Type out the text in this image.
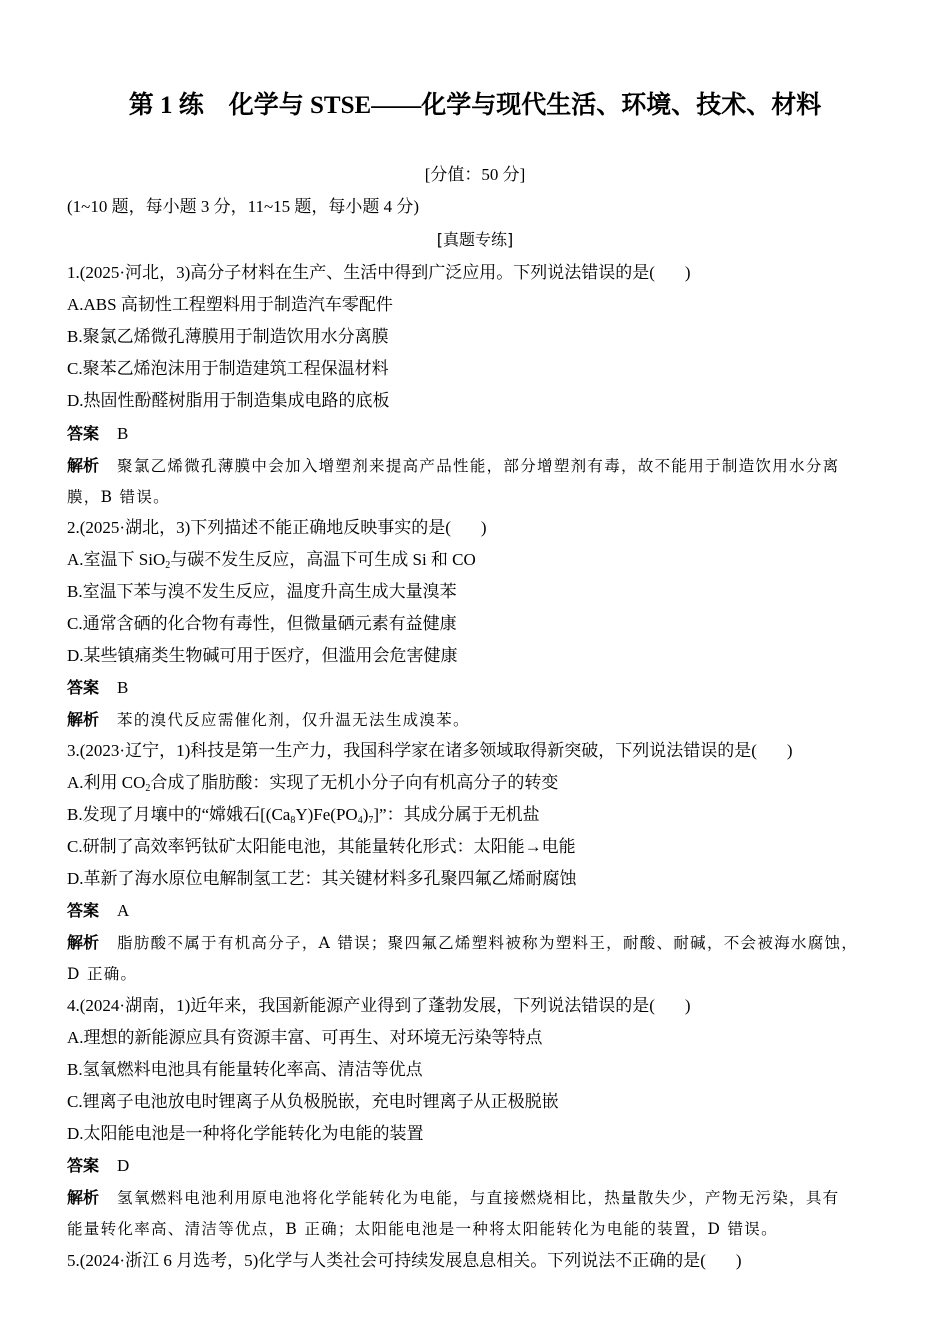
第 1 练　化学与 STSE——化学与现代生活、环境、技术、材料
[分值：50 分]
(1~10 题，每小题 3 分，11~15 题，每小题 4 分)
[真题专练]
1.(2025·河北，3)高分子材料在生产、生活中得到广泛应用。下列说法错误的是( )
A.ABS 高韧性工程塑料用于制造汽车零配件
B.聚氯乙烯微孔薄膜用于制造饮用水分离膜
C.聚苯乙烯泡沫用于制造建筑工程保温材料
D.热固性酚醛树脂用于制造集成电路的底板
答案 B
解析 聚氯乙烯微孔薄膜中会加入增塑剂来提高产品性能，部分增塑剂有毒，故不能用于制造饮用水分离
膜，B 错误。
2.(2025·湖北，3)下列描述不能正确地反映事实的是( )
A.室温下 SiO$_2$与碳不发生反应，高温下可生成 Si 和 CO
B.室温下苯与溴不发生反应，温度升高生成大量溴苯
C.通常含硒的化合物有毒性，但微量硒元素有益健康
D.某些镇痛类生物碱可用于医疗，但滥用会危害健康
答案 B
解析 苯的溴代反应需催化剂，仅升温无法生成溴苯。
3.(2023·辽宁，1)科技是第一生产力，我国科学家在诸多领域取得新突破，下列说法错误的是( )
A.利用 $CO_2$合成了脂肪酸：实现了无机小分子向有机高分子的转变
B.发现了月壤中的“嫦娥石$[(Ca_8Y)Fe(PO_4)_7]$”：其成分属于无机盐
C.研制了高效率钙钛矿太阳能电池，其能量转化形式：太阳能→电能
D.革新了海水原位电解制氢工艺：其关键材料多孔聚四氟乙烯耐腐蚀
答案 A
解析 脂肪酸不属于有机高分子，A 错误；聚四氟乙烯塑料被称为塑料王，耐酸、耐碱，不会被海水腐蚀，
D 正确。
4.(2024·湖南，1)近年来，我国新能源产业得到了蓬勃发展，下列说法错误的是( )
A.理想的新能源应具有资源丰富、可再生、对环境无污染等特点
B.氢氧燃料电池具有能量转化率高、清洁等优点
C.锂离子电池放电时锂离子从负极脱嵌，充电时锂离子从正极脱嵌
D.太阳能电池是一种将化学能转化为电能的装置
答案 D
解析 氢氧燃料电池利用原电池将化学能转化为电能，与直接燃烧相比，热量散失少，产物无污染，具有
能量转化率高、清洁等优点，B 正确；太阳能电池是一种将太阳能转化为电能的装置，D 错误。
5.(2024·浙江 6 月选考，5)化学与人类社会可持续发展息息相关。下列说法不正确的是( )
